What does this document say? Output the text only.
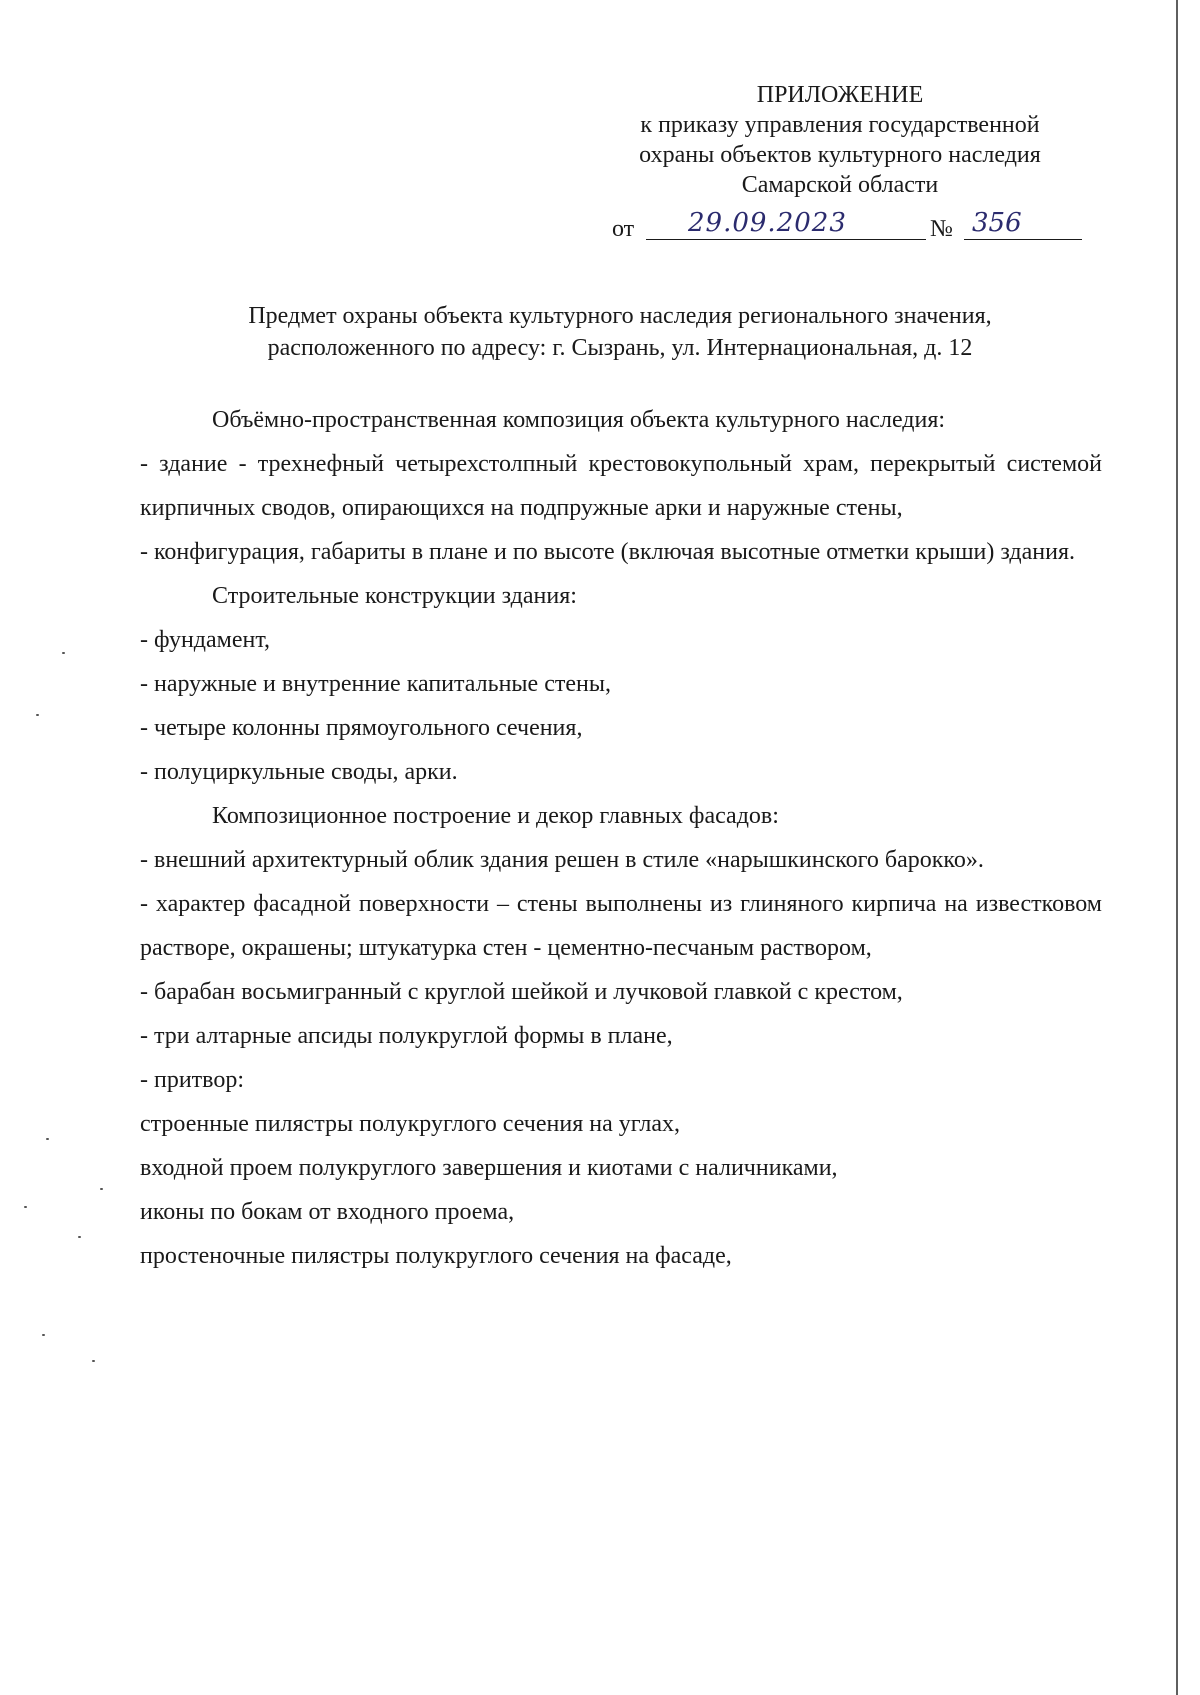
ПРИЛОЖЕНИЕ
к приказу управления государственной
охраны объектов культурного наследия
Самарской области
от	29.09.2023	№ 356
Предмет охраны объекта культурного наследия регионального значения,
расположенного по адресу: г. Сызрань, ул. Интернациональная, д. 12

Объёмно-пространственная композиция объекта культурного наследия:

- здание - трехнефный четырехстолпный крестовокупольный храм, перекрытый системой кирпичных сводов, опирающихся на подпружные арки и наружные стены,

- конфигурация, габариты в плане и по высоте (включая высотные отметки крыши) здания.

Строительные конструкции здания:

- фундамент,

- наружные и внутренние капитальные стены,

- четыре колонны прямоугольного сечения,

- полуциркульные своды, арки.

Композиционное построение и декор главных фасадов:

- внешний архитектурный облик здания решен в стиле «нарышкинского барокко».

- характер фасадной поверхности – стены выполнены из глиняного кирпича на известковом растворе, окрашены; штукатурка стен - цементно-песчаным раствором,

- барабан восьмигранный с круглой шейкой и лучковой главкой с крестом,

- три алтарные апсиды полукруглой формы в плане,

- притвор:

строенные пилястры полукруглого сечения на углах,

входной проем полукруглого завершения и киотами с наличниками,

иконы по бокам от входного проема,

простеночные пилястры полукруглого сечения на фасаде,
